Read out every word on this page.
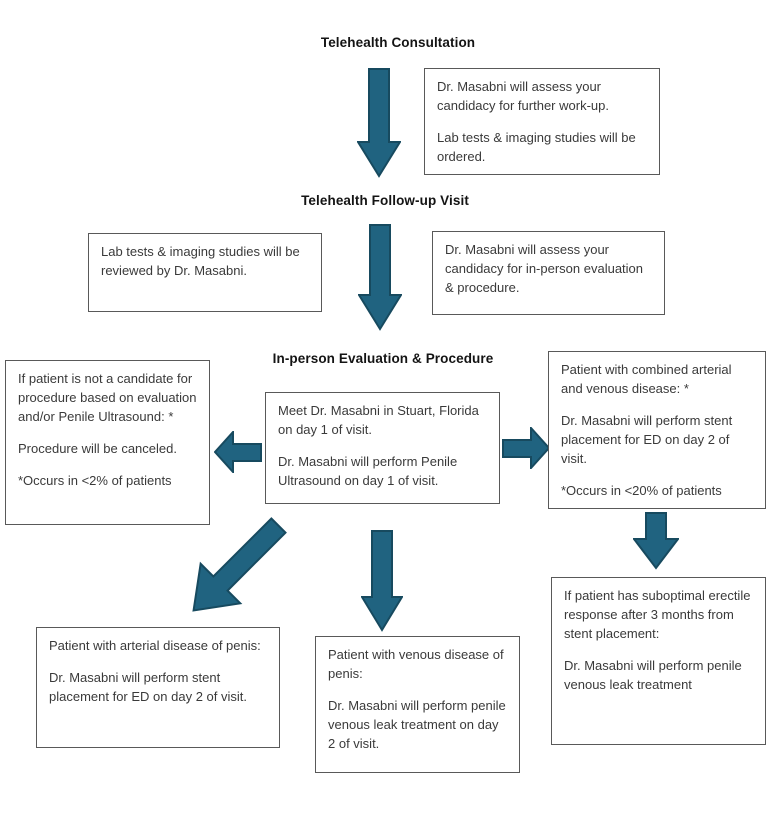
Telehealth Consultation
Telehealth Follow-up Visit
In-person Evaluation & Procedure

Dr. Masabni will assess your candidacy for further work-up.

Lab tests & imaging studies will be ordered.

Lab tests & imaging studies will be reviewed by Dr. Masabni.

Dr. Masabni will assess your candidacy for in-person evaluation & procedure.

If patient is not a candidate for procedure based on evaluation and/or Penile Ultrasound: *

Procedure will be canceled.

*Occurs in <2% of patients

Meet Dr. Masabni in Stuart, Florida on day 1 of visit.

Dr. Masabni will perform Penile Ultrasound on day 1 of visit.

Patient with combined arterial and venous disease: *

Dr. Masabni will perform stent placement for ED on day 2 of visit.

*Occurs in <20% of patients

If patient has suboptimal erectile response after 3 months from stent placement:

Dr. Masabni will perform penile venous leak treatment

Patient with arterial disease of penis:

Dr. Masabni will perform stent placement for ED on day 2 of visit.

Patient with venous disease of penis:

Dr. Masabni will perform penile venous leak treatment on day 2 of visit.
